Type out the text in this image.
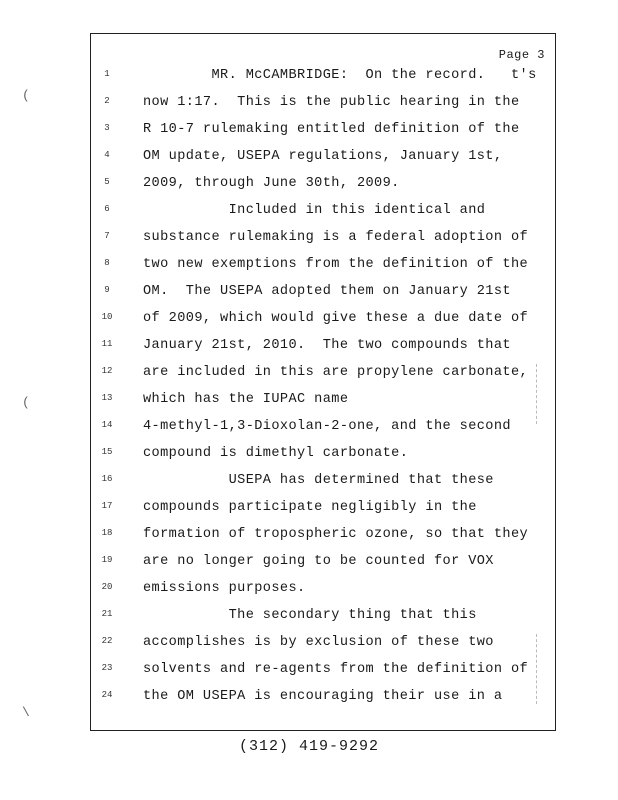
(
(
\
Page 3
1	MR. McCAMBRIDGE:  On the record.   t's
2	now 1:17.  This is the public hearing in the
3	R 10-7 rulemaking entitled definition of the
4	OM update, USEPA regulations, January 1st,
5	2009, through June 30th, 2009.
6	Included in this identical and
7	substance rulemaking is a federal adoption of
8	two new exemptions from the definition of the
9	OM.  The USEPA adopted them on January 21st
10	of 2009, which would give these a due date of
11	January 21st, 2010.  The two compounds that
12	are included in this are propylene carbonate,
13	which has the IUPAC name
14	4-methyl-1,3-Dioxolan-2-one, and the second
15	compound is dimethyl carbonate.
16	USEPA has determined that these
17	compounds participate negligibly in the
18	formation of tropospheric ozone, so that they
19	are no longer going to be counted for VOX
20	emissions purposes.
21	The secondary thing that this
22	accomplishes is by exclusion of these two
23	solvents and re-agents from the definition of
24	the OM USEPA is encouraging their use in a
(312) 419-9292
